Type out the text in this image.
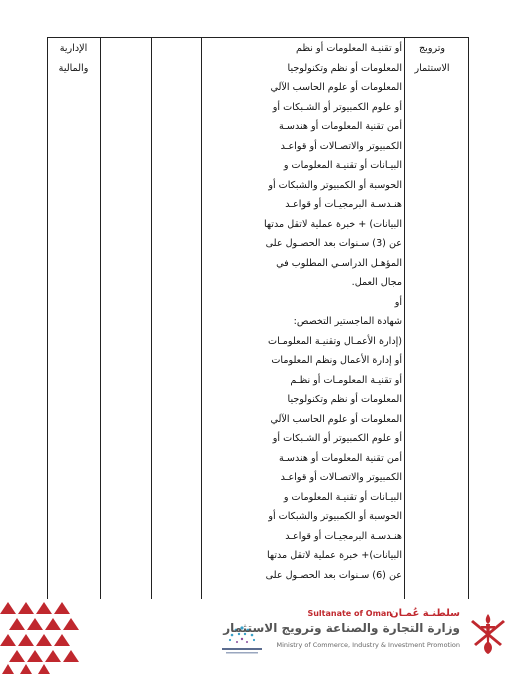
وترويج
الاستثمار
الإدارية
والمالية
أو تقنيـة المعلومات أو نظم
المعلومات أو نظم وتكنولوجيا
المعلومات أو علوم الحاسب الآلي
أو علوم الكمبيوتر أو الشـبكات أو
أمن تقنية المعلومات أو هندسـة
الكمبيوتر والاتصـالات أو قواعـد
البيـانات أو تقنيـة المعلومات و
الحوسبة أو الكمبيوتر والشبكات أو
هنـدسـة البرمجيـات أو قواعـد
البيانات) + خبرة عملية لاتقل مدتها
عن (3) سـنوات بعد الحصـول على
المؤهـل الدراسـي المطلوب في
مجال العمل.
أو
شهادة الماجستير التخصص:
(إدارة الأعمـال وتقنيـة المعلومـات
أو إدارة الأعمال ونظم المعلومات
أو تقنيـة المعلومـات أو نظـم
المعلومات أو نظم وتكنولوجيا
المعلومات أو علوم الحاسب الآلي
أو علوم الكمبيوتر أو الشـبكات أو
أمن تقنية المعلومات أو هندسـة
الكمبيوتر والاتصـالات أو قواعـد
البيـانات أو تقنيـة المعلومات و
الحوسبة أو الكمبيوتر والشبكات أو
هنـدسـة البرمجيـات أو قواعـد
البيانات)+ خبرة عملية لاتقل مدتها
عن (6) سـنوات بعد الحصـول على
سلطنـة عُمـان
Sultanate of Oman
وزارة التجارة والصناعة وترويج الاستثمار
Ministry of Commerce, Industry & Investment Promotion
